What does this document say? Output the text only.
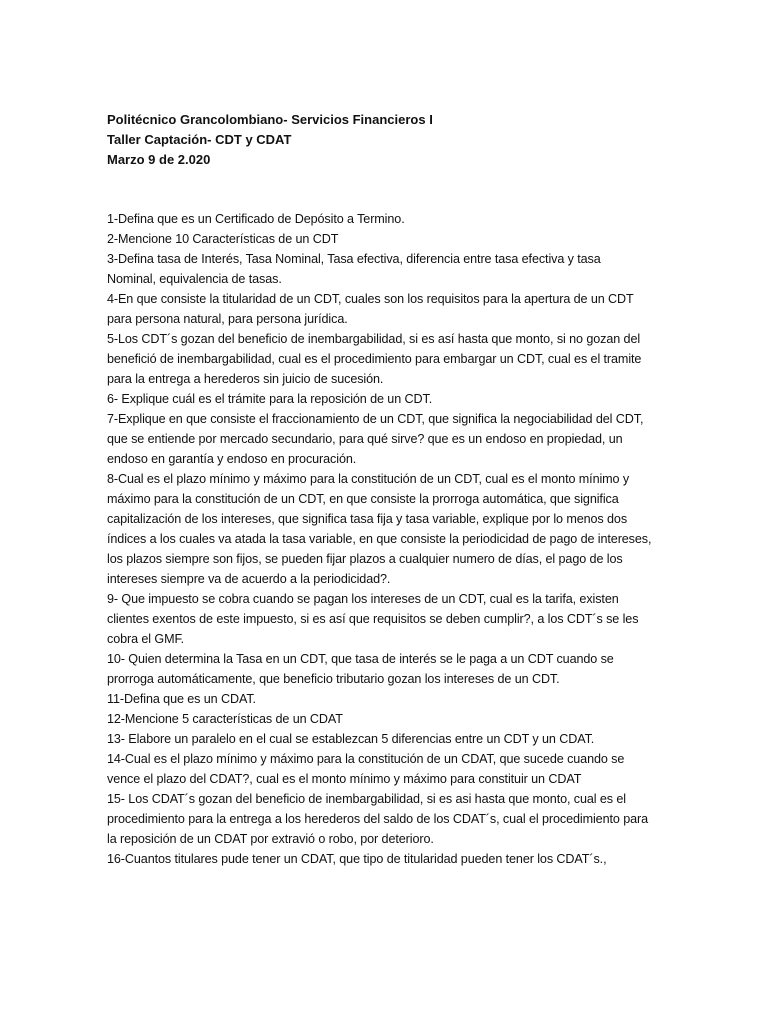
Politécnico Grancolombiano- Servicios Financieros I
Taller Captación- CDT y CDAT
Marzo 9 de 2.020
1-Defina que es un Certificado de Depósito a Termino.
2-Mencione 10 Características de un CDT
3-Defina tasa de Interés, Tasa Nominal, Tasa efectiva, diferencia entre tasa efectiva y tasa
Nominal, equivalencia de tasas.
4-En que consiste la titularidad de un CDT, cuales son los requisitos para la apertura de un CDT
para persona natural, para persona jurídica.
5-Los CDT´s gozan del beneficio de inembargabilidad, si es así hasta que monto, si no gozan del
benefició de inembargabilidad, cual es el procedimiento para embargar un CDT, cual es el tramite
para la entrega a herederos sin juicio de sucesión.
6- Explique cuál es el trámite para la reposición de un CDT.
7-Explique en que consiste el fraccionamiento de un CDT, que significa la negociabilidad del CDT,
que se entiende por mercado secundario, para qué sirve? que es un endoso en propiedad, un
endoso en garantía y endoso en procuración.
8-Cual es el plazo mínimo y máximo para la constitución de un CDT, cual es el monto mínimo y
máximo para la constitución de un CDT, en que consiste la prorroga automática, que significa
capitalización de los intereses, que significa tasa fija y tasa variable, explique por lo menos dos
índices a los cuales va atada la tasa variable, en que consiste la periodicidad de pago de intereses,
los plazos siempre son fijos, se pueden fijar plazos a cualquier numero de días, el pago de los
intereses siempre va de acuerdo a la periodicidad?.
9- Que impuesto se cobra cuando se pagan los intereses de un CDT, cual es la tarifa, existen
clientes exentos de este impuesto, si es así que requisitos se deben cumplir?, a los CDT´s se les
cobra el GMF.
10- Quien determina la Tasa en un CDT, que tasa de interés se le paga a un CDT cuando se
prorroga automáticamente, que beneficio tributario gozan los intereses de un CDT.
11-Defina que es un CDAT.
12-Mencione 5 características de un CDAT
13- Elabore un paralelo en el cual se establezcan 5 diferencias entre un CDT y un CDAT.
14-Cual es el plazo mínimo y máximo para la constitución de un CDAT, que sucede cuando se
vence el plazo del CDAT?, cual es el monto mínimo y máximo para constituir un CDAT
15- Los CDAT´s gozan del beneficio de inembargabilidad, si es asi hasta que monto, cual es el
procedimiento para la entrega a los herederos del saldo de los CDAT´s, cual el procedimiento para
la reposición de un CDAT por extravió o robo, por deterioro.
16-Cuantos titulares pude tener un CDAT, que tipo de titularidad pueden tener los CDAT´s.,
